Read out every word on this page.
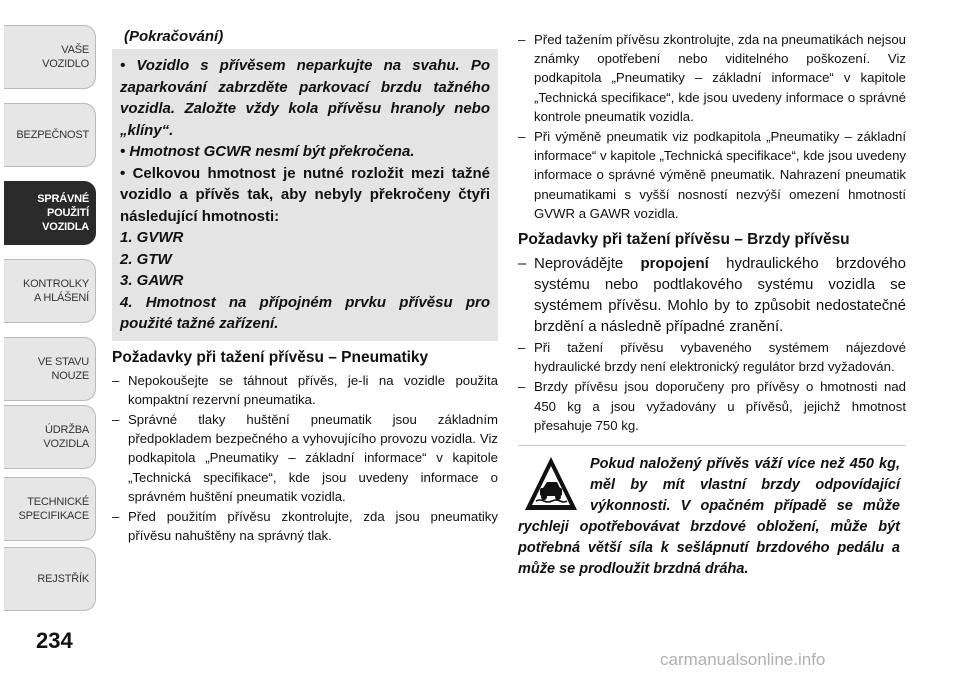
VAŠE
VOZIDLO
BEZPEČNOST
SPRÁVNÉ
POUŽITÍ
VOZIDLA
KONTROLKY
A HLÁŠENÍ
VE STAVU
NOUZE
ÚDRŽBA
VOZIDLA
TECHNICKÉ
SPECIFIKACE
REJSTŘÍK
234
(Pokračování)

• Vozidlo s přívěsem neparkujte na svahu. Po zaparkování zabrzděte parkovací brzdu tažného vozidla. Založte vždy kola přívěsu hranoly nebo „klíny“.

• Hmotnost GCWR nesmí být překročena.

• Celkovou hmotnost je nutné rozložit mezi tažné vozidlo a přívěs tak, aby nebyly překročeny čtyři následující hmotnosti:

1. GVWR

2. GTW

3. GAWR

4. Hmotnost na přípojném prvku přívěsu pro použité tažné zařízení.

Požadavky při tažení přívěsu – Pneumatiky
– Nepokoušejte se táhnout přívěs, je-li na vozidle použita kompaktní rezervní pneumatika.
– Správné tlaky huštění pneumatik jsou základním předpokladem bezpečného a vyhovujícího provozu vozidla. Viz podkapitola „Pneumatiky – základní informace“ v kapitole „Technická specifikace“, kde jsou uvedeny informace o správném huštění pneumatik vozidla.
– Před použitím přívěsu zkontrolujte, zda jsou pneumatiky přívěsu nahuštěny na správný tlak.
– Před tažením přívěsu zkontrolujte, zda na pneumatikách nejsou známky opotřebení nebo viditelného poškození. Viz podkapitola „Pneumatiky – základní informace“ v kapitole „Technická specifikace“, kde jsou uvedeny informace o správné kontrole pneumatik vozidla.
– Při výměně pneumatik viz podkapitola „Pneumatiky – základní informace“ v kapitole „Technická specifikace“, kde jsou uvedeny informace o správné výměně pneumatik. Nahrazení pneumatik pneumatikami s vyšší nosností nezvýší omezení hmotností GVWR a GAWR vozidla.
Požadavky při tažení přívěsu – Brzdy přívěsu
– Neprovádějte propojení hydraulického brzdového systému nebo podtlakového systému vozidla se systémem přívěsu. Mohlo by to způsobit nedostatečné brzdění a následně případné zranění.
– Při tažení přívěsu vybaveného systémem nájezdové hydraulické brzdy není elektronický regulátor brzd vyžadován.
– Brzdy přívěsu jsou doporučeny pro přívěsy o hmotnosti nad 450 kg a jsou vyžadovány u přívěsů, jejichž hmotnost přesahuje 750 kg.

Pokud naložený přívěs váží více než 450 kg, měl by mít vlastní brzdy odpovídající výkonnosti. V opačném případě se může rychleji opotřebovávat brzdové obložení, může být potřebná větší síla k sešlápnutí brzdového pedálu a může se prodloužit brzdná dráha.

carmanualsonline.info
